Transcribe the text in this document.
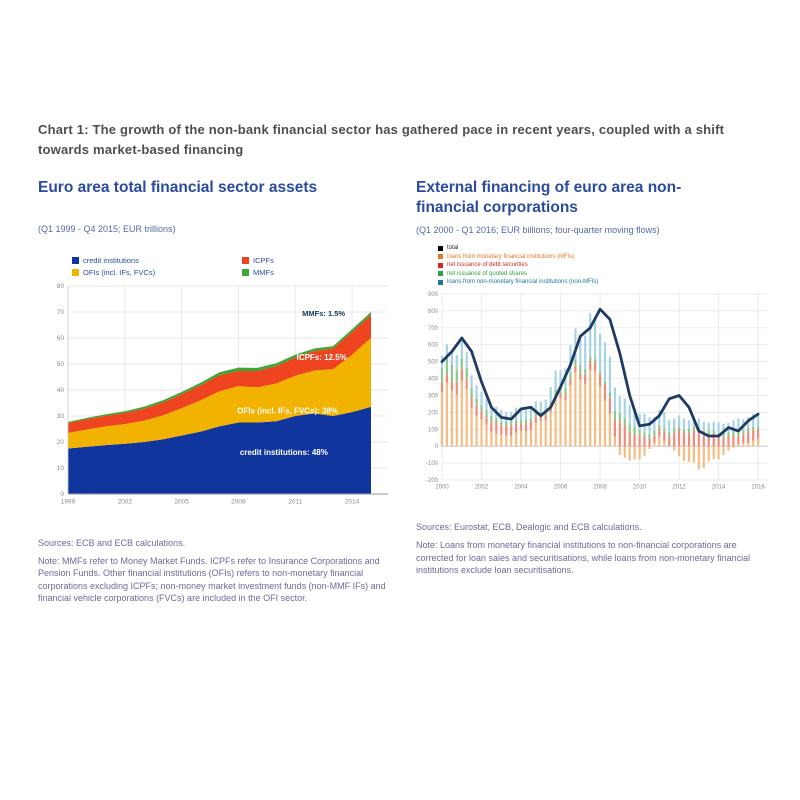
Chart 1: The growth of the non-bank financial sector has gathered pace in recent years, coupled with a shift towards market-based financing
Euro area total financial sector assets
(Q1 1999 - Q4 2015; EUR trillions)
credit institutions	ICPFs
OFIs (incl. IFs, FVCs)	MMFs
0
10
20
30
40
50
60
70
80
1999	2002	2005	2008	2011	2014
MMFs: 1.5%
ICPFs: 12.5%
OFIs (incl. IFs, FVCs): 38%
credit institutions: 48%
Sources: ECB and ECB calculations.
Note: MMFs refer to Money Market Funds. ICPFs refer to Insurance Corporations and Pension Funds. Other financial institutions (OFIs) refers to non-monetary financial corporations excluding ICPFs; non-money market investment funds (non-MMF IFs) and financial vehicle corporations (FVCs) are included in the OFI sector.
External financing of euro area non-financial corporations
(Q1 2000 - Q1 2016; EUR billions; four-quarter moving flows)
total
loans from monetary financial institutions (MFIs)
net issuance of debt securities
net issuance of quoted shares
loans from non-monetary financial institutions (non-MFIs)
900
800
700
600
500
400
300
200
100
0
-100
-200
2000	2002	2004	2006	2008	2010	2012	2014	2016
Sources: Eurostat, ECB, Dealogic and ECB calculations.
Note: Loans from monetary financial institutions to non-financial corporations are corrected for loan sales and securitisations, while loans from non-monetary financial institutions exclude loan securitisations.
